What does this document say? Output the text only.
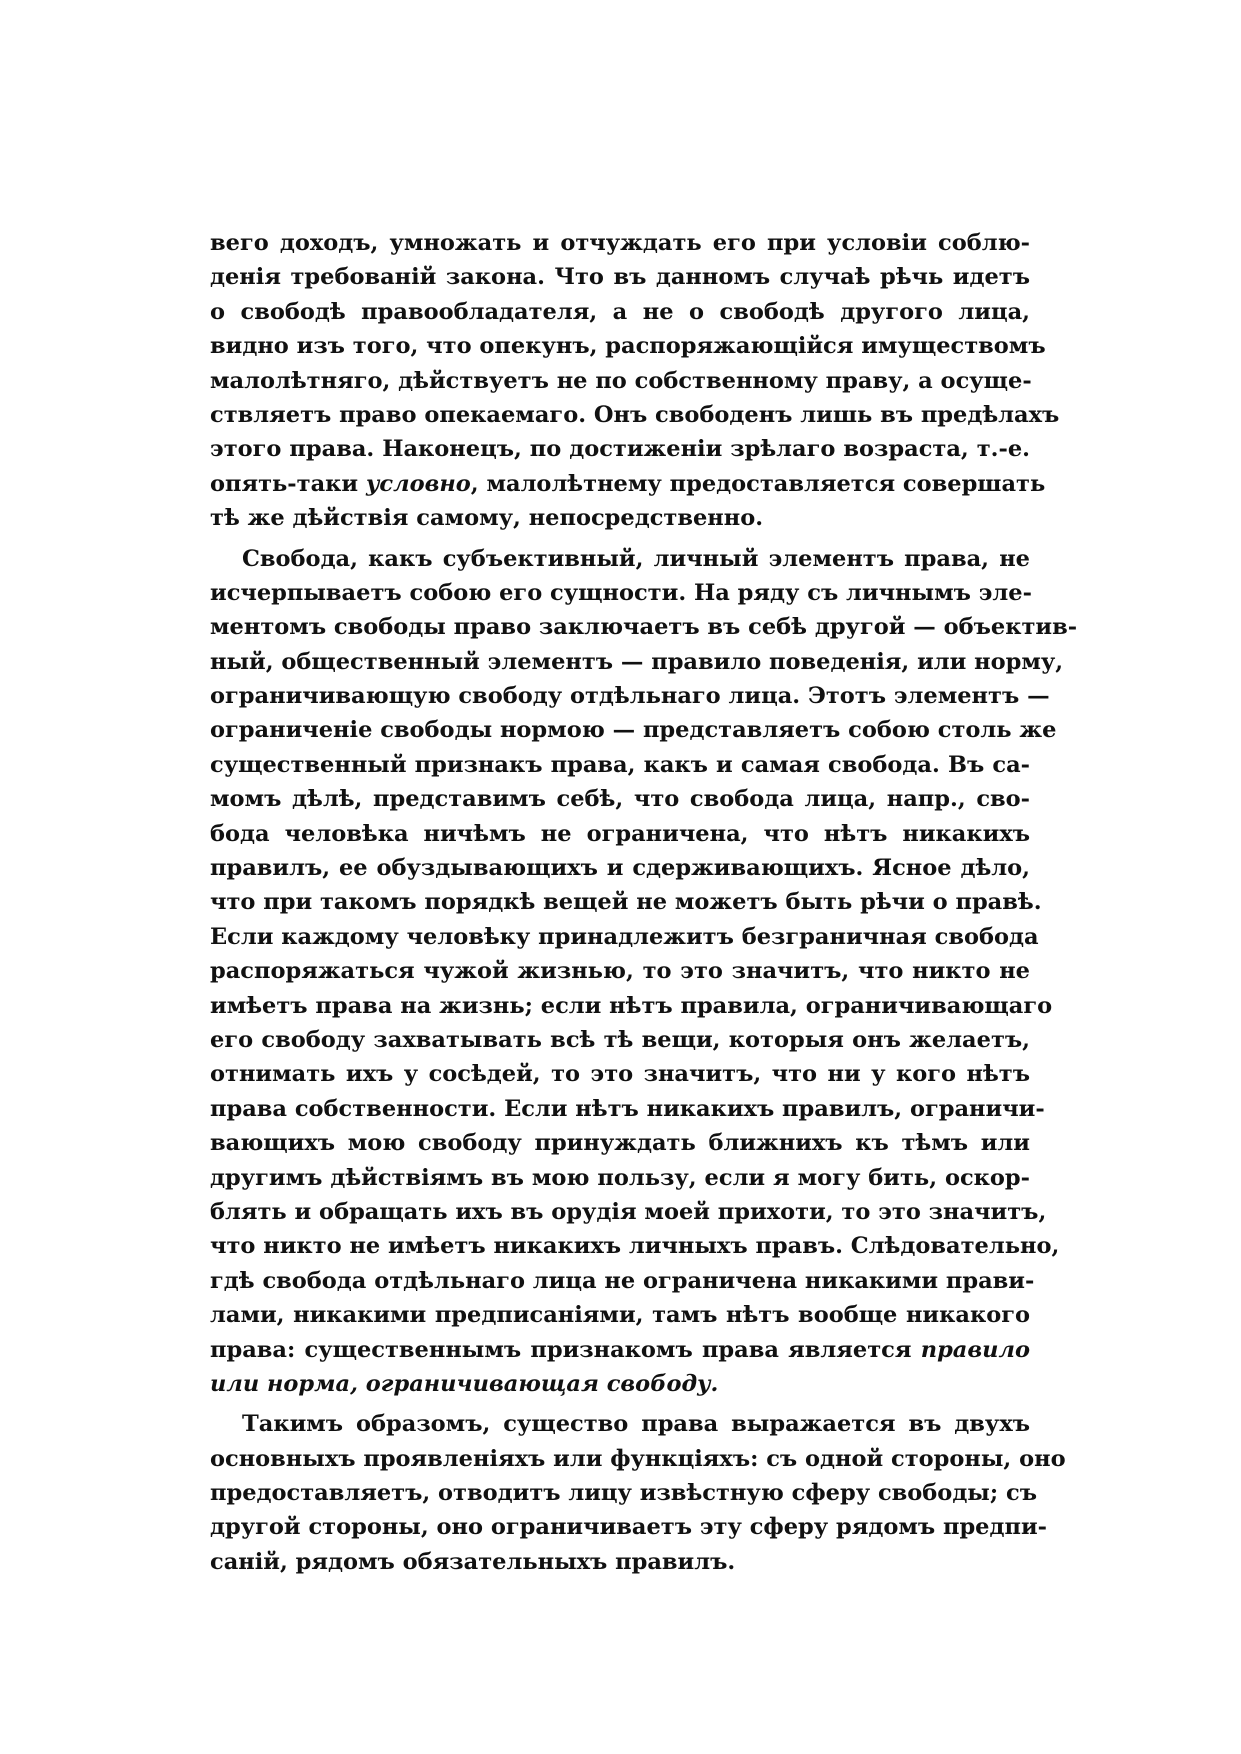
вего доходъ, умножать и отчуждать его при условіи соблю-
денія требованій закона. Что въ данномъ случаѣ рѣчь идетъ
о свободѣ правообладателя, а не о свободѣ другого лица,
видно изъ того, что опекунъ, распоряжающійся имуществомъ
малолѣтняго, дѣйствуетъ не по собственному праву, а осуще-
ствляетъ право опекаемаго. Онъ свободенъ лишь въ предѣлахъ
этого права. Наконецъ, по достиженіи зрѣлаго возраста, т.-е.
опять-таки условно, малолѣтнему предоставляется совершать
тѣ же дѣйствія самому, непосредственно.
Свобода, какъ субъективный, личный элементъ права, не
исчерпываетъ собою его сущности. На ряду съ личнымъ эле-
ментомъ свободы право заключаетъ въ себѣ другой — объектив-
ный, общественный элементъ — правило поведенія, или норму,
ограничивающую свободу отдѣльнаго лица. Этотъ элементъ —
ограниченіе свободы нормою — представляетъ собою столь же
существенный признакъ права, какъ и самая свобода. Въ са-
момъ дѣлѣ, представимъ себѣ, что свобода лица, напр., сво-
бода человѣка ничѣмъ не ограничена, что нѣтъ никакихъ
правилъ, ее обуздывающихъ и сдерживающихъ. Ясное дѣло,
что при такомъ порядкѣ вещей не можетъ быть рѣчи о правѣ.
Если каждому человѣку принадлежитъ безграничная свобода
распоряжаться чужой жизнью, то это значитъ, что никто не
имѣетъ права на жизнь; если нѣтъ правила, ограничивающаго
его свободу захватывать всѣ тѣ вещи, которыя онъ желаетъ,
отнимать ихъ у сосѣдей, то это значитъ, что ни у кого нѣтъ
права собственности. Если нѣтъ никакихъ правилъ, ограничи-
вающихъ мою свободу принуждать ближнихъ къ тѣмъ или
другимъ дѣйствіямъ въ мою пользу, если я могу бить, оскор-
блять и обращать ихъ въ орудія моей прихоти, то это значитъ,
что никто не имѣетъ никакихъ личныхъ правъ. Слѣдовательно,
гдѣ свобода отдѣльнаго лица не ограничена никакими прави-
лами, никакими предписаніями, тамъ нѣтъ вообще никакого
права: существеннымъ признакомъ права является правило
или норма, ограничивающая свободу.
Такимъ образомъ, существо права выражается въ двухъ
основныхъ проявленіяхъ или функціяхъ: съ одной стороны, оно
предоставляетъ, отводитъ лицу извѣстную сферу свободы; съ
другой стороны, оно ограничиваетъ эту сферу рядомъ предпи-
саній, рядомъ обязательныхъ правилъ.
